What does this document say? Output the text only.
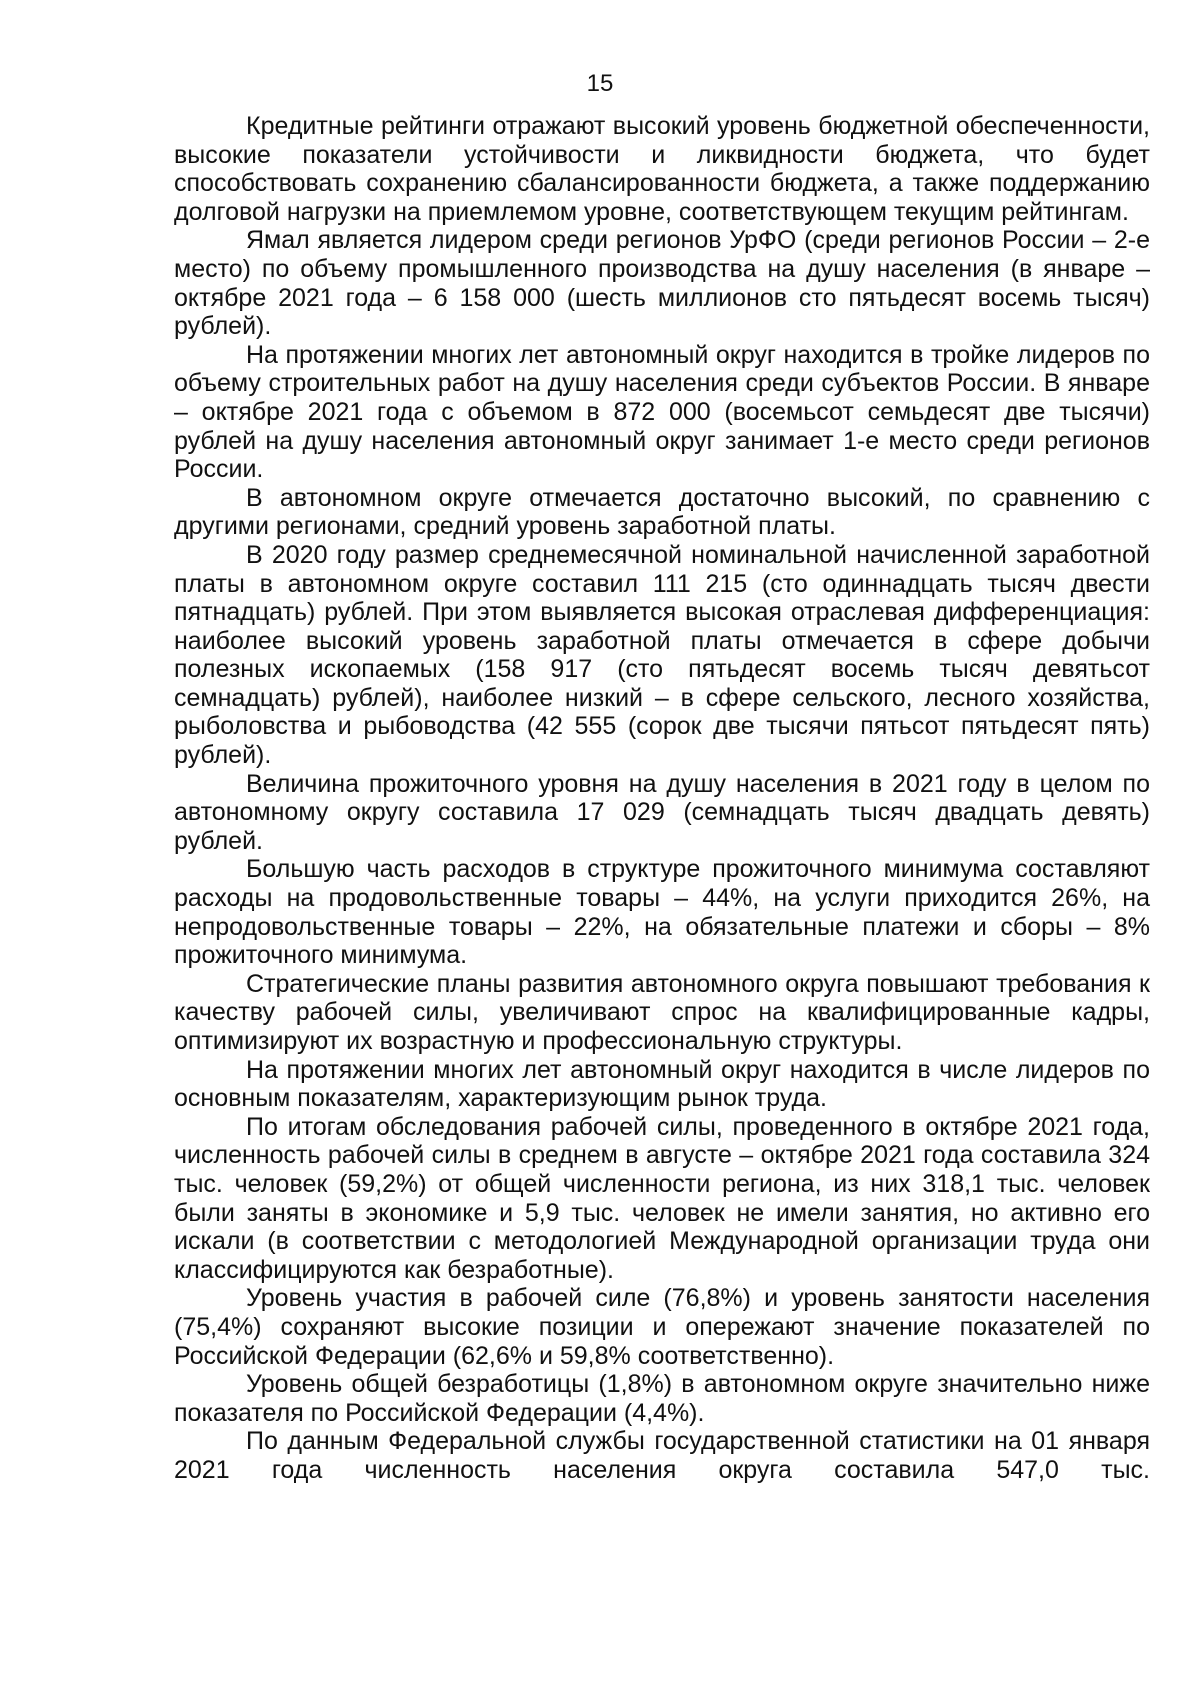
15

Кредитные рейтинги отражают высокий уровень бюджетной обеспеченности, высокие показатели устойчивости и ликвидности бюджета, что будет способствовать сохранению сбалансированности бюджета, а также поддержанию долговой нагрузки на приемлемом уровне, соответствующем текущим рейтингам.

Ямал является лидером среди регионов УрФО (среди регионов России – 2-е место) по объему промышленного производства на душу населения (в январе – октябре 2021 года – 6 158 000 (шесть миллионов сто пятьдесят восемь тысяч) рублей).

На протяжении многих лет автономный округ находится в тройке лидеров по объему строительных работ на душу населения среди субъектов России. В январе – октябре 2021 года с объемом в 872 000 (восемьсот семьдесят две тысячи) рублей на душу населения автономный округ занимает 1-е место среди регионов России.

В автономном округе отмечается достаточно высокий, по сравнению с другими регионами, средний уровень заработной платы.

В 2020 году размер среднемесячной номинальной начисленной заработной платы в автономном округе составил 111 215 (сто одиннадцать тысяч двести пятнадцать) рублей. При этом выявляется высокая отраслевая дифференциация: наиболее высокий уровень заработной платы отмечается в сфере добычи полезных ископаемых (158 917 (сто пятьдесят восемь тысяч девятьсот семнадцать) рублей), наиболее низкий – в сфере сельского, лесного хозяйства, рыболовства и рыбоводства (42 555 (сорок две тысячи пятьсот пятьдесят пять) рублей).

Величина прожиточного уровня на душу населения в 2021 году в целом по автономному округу составила 17 029 (семнадцать тысяч двадцать девять) рублей.

Большую часть расходов в структуре прожиточного минимума составляют расходы на продовольственные товары – 44%, на услуги приходится 26%, на непродовольственные товары – 22%, на обязательные платежи и сборы – 8% прожиточного минимума.

Стратегические планы развития автономного округа повышают требования к качеству рабочей силы, увеличивают спрос на квалифицированные кадры, оптимизируют их возрастную и профессиональную структуры.

На протяжении многих лет автономный округ находится в числе лидеров по основным показателям, характеризующим рынок труда.

По итогам обследования рабочей силы, проведенного в октябре 2021 года, численность рабочей силы в среднем в августе – октябре 2021 года составила 324 тыс. человек (59,2%) от общей численности региона, из них 318,1 тыс. человек были заняты в экономике и 5,9 тыс. человек не имели занятия, но активно его искали (в соответствии с методологией Международной организации труда они классифицируются как безработные).

Уровень участия в рабочей силе (76,8%) и уровень занятости населения (75,4%) сохраняют высокие позиции и опережают значение показателей по Российской Федерации (62,6% и 59,8% соответственно).

Уровень общей безработицы (1,8%) в автономном округе значительно ниже показателя по Российской Федерации (4,4%).

По данным Федеральной службы государственной статистики на 01 января 2021 года численность населения округа составила 547,0 тыс.
